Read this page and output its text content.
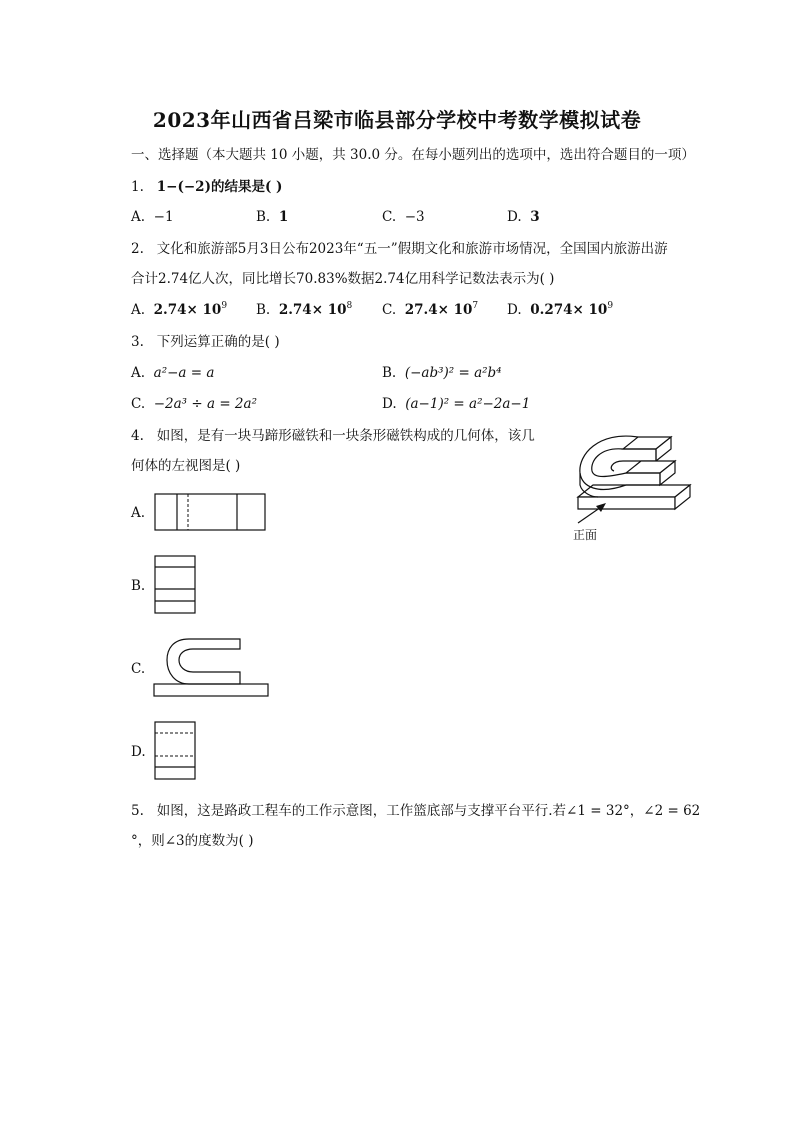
2023年山西省吕梁市临县部分学校中考数学模拟试卷
一、选择题（本大题共 10 小题，共 30.0 分。在每小题列出的选项中，选出符合题目的一项）
1. 1−(−2)的结果是( )
A. −1	B. 1	C. −3	D. 3
2. 文化和旅游部5月3日公布2023年“五一”假期文化和旅游市场情况，全国国内旅游出游
合计2.74亿人次，同比增长70.83%数据2.74亿用科学记数法表示为( )
A. $2.74\times 10^9$ B. $2.74\times 10^8$ C. $27.4\times 10^7$ D. $0.274\times 10^9$
3. 下列运算正确的是( )
A. a²−a = a	B. (−ab³)² = a²b⁴
C. −2a³ ÷ a = 2a²	D. (a−1)² = a²−2a−1
4. 如图，是有一块马蹄形磁铁和一块条形磁铁构成的几何体，该几
何体的左视图是( )
正面
A.
B.
C.
D.
5. 如图，这是路政工程车的工作示意图，工作篮底部与支撑平台平行.若∠1 = 32°，∠2 = 62
°，则∠3的度数为( )
